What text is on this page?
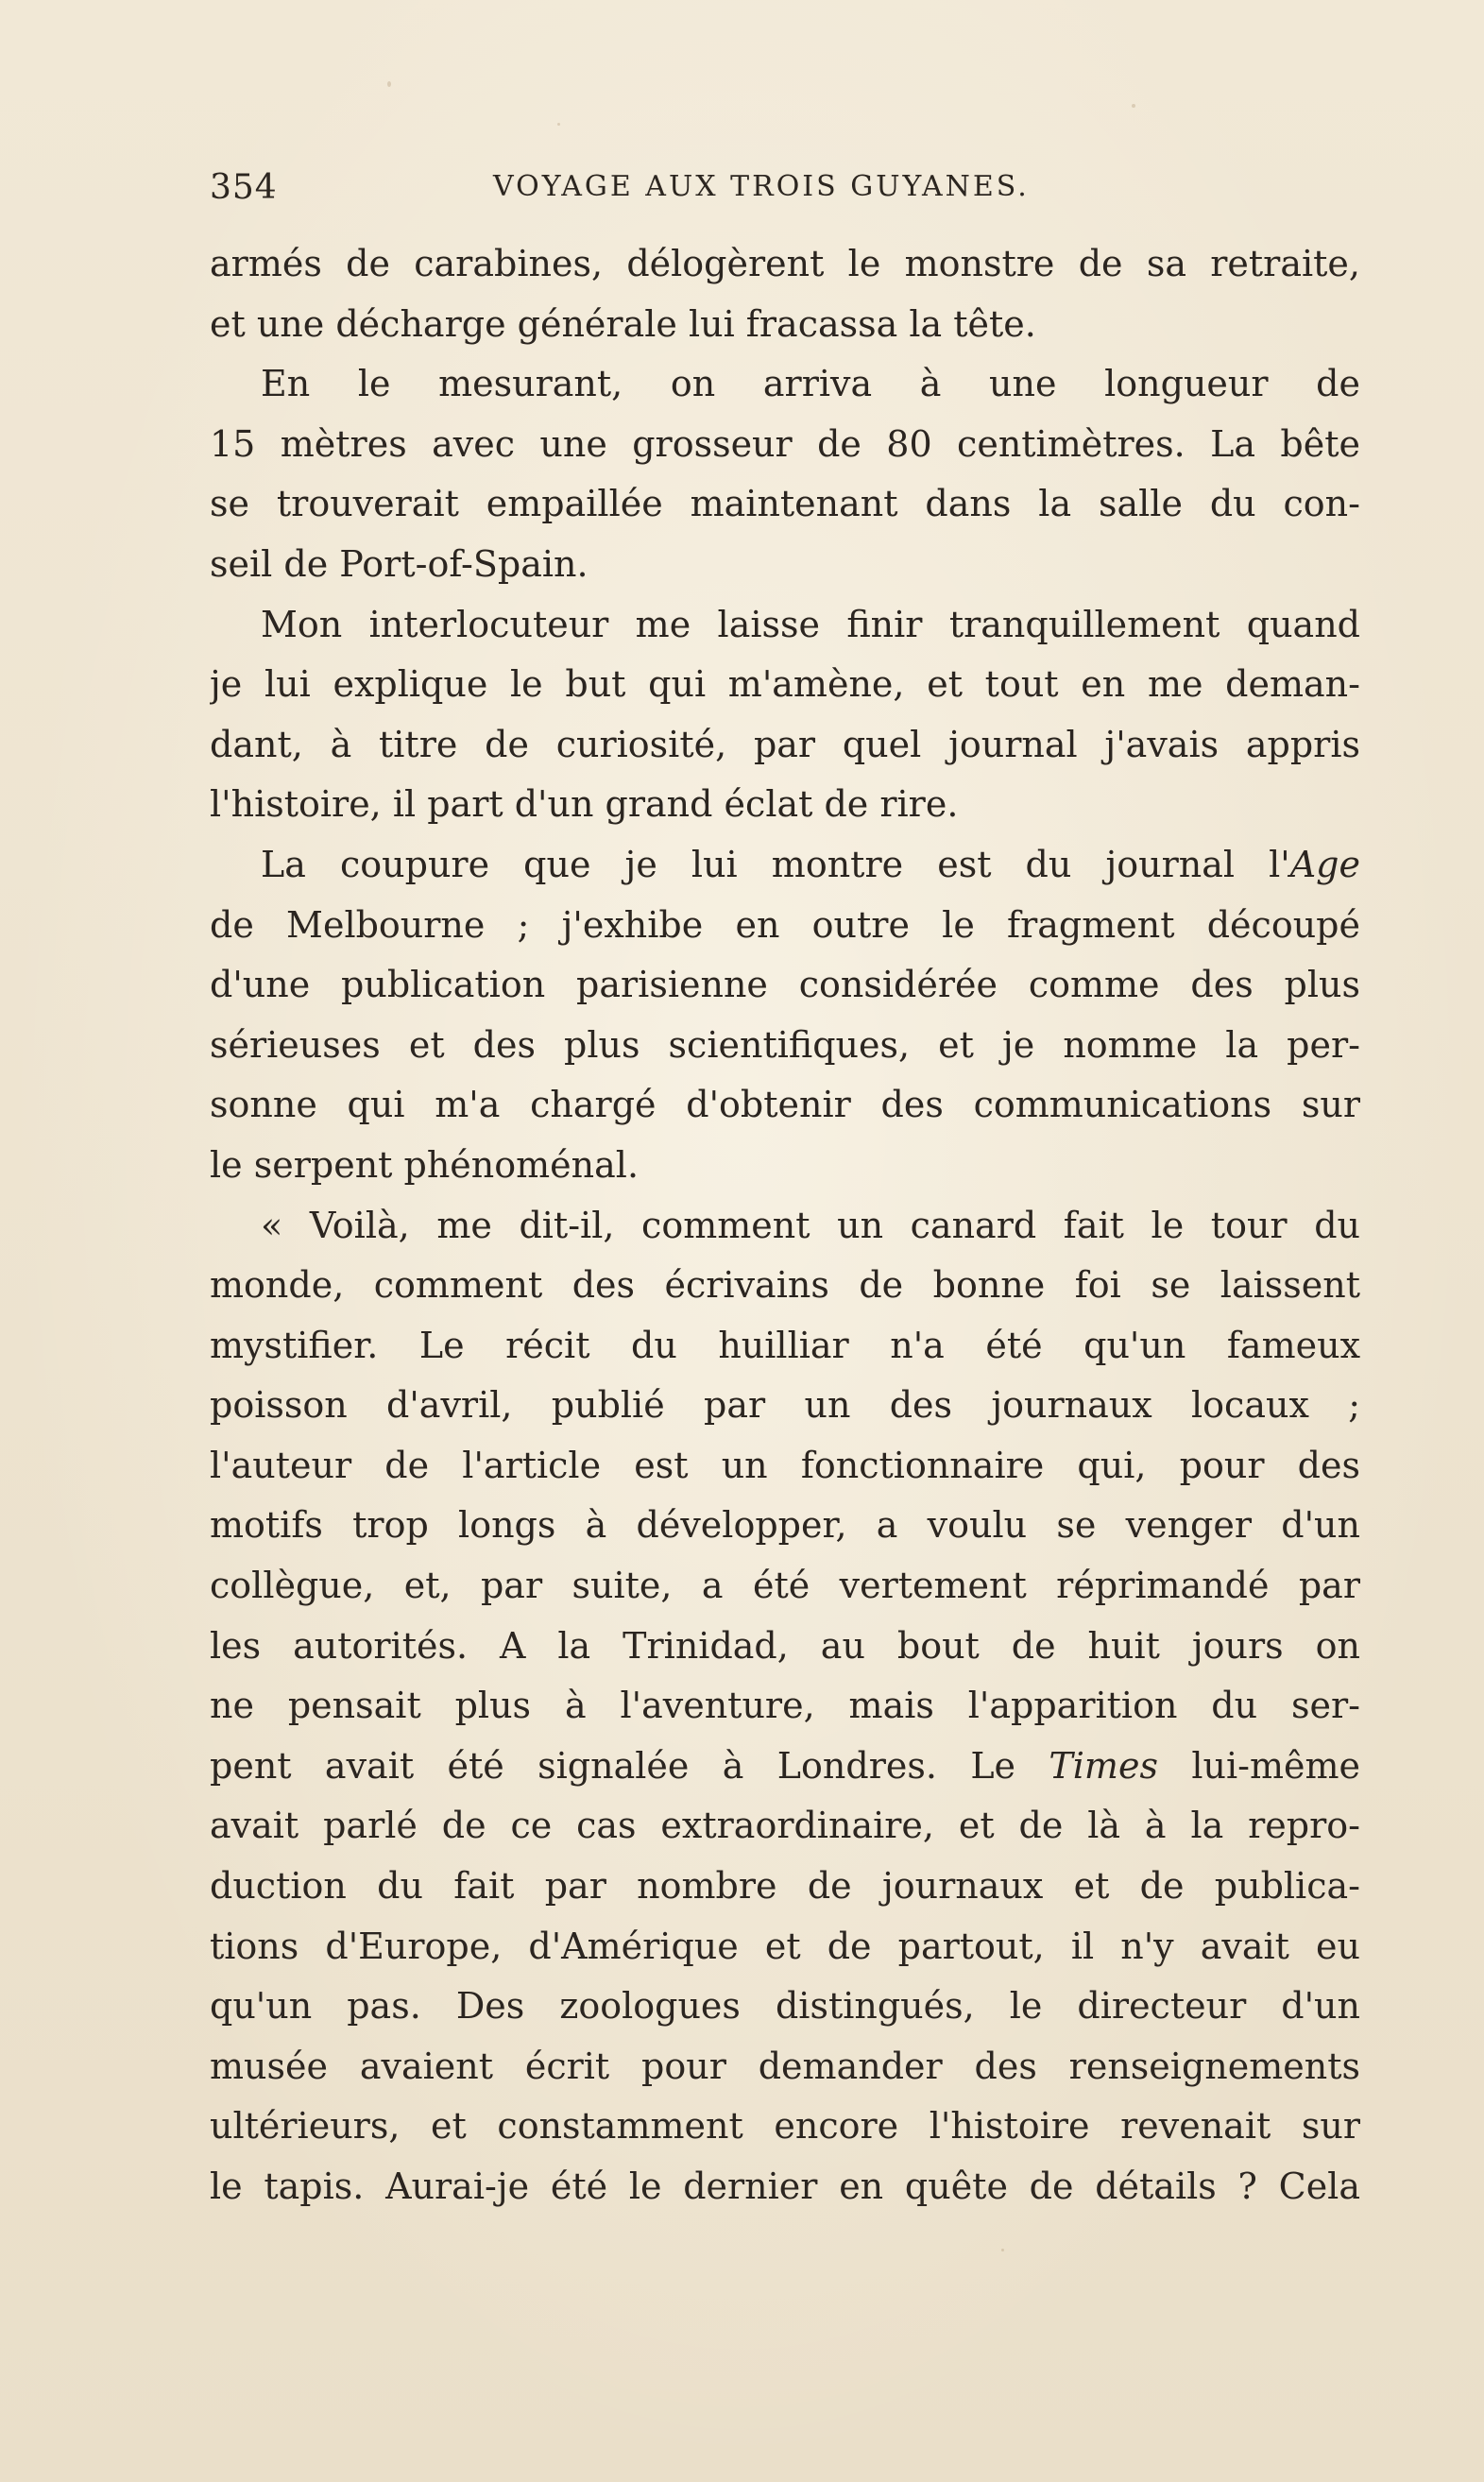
354	VOYAGE AUX TROIS GUYANES.
armés de carabines, délogèrent le monstre de sa retraite,
et une décharge générale lui fracassa la tête.
En le mesurant, on arriva à une longueur de
15 mètres avec une grosseur de 80 centimètres. La bête
se trouverait empaillée maintenant dans la salle du con-
seil de Port-of-Spain.
Mon interlocuteur me laisse finir tranquillement quand
je lui explique le but qui m'amène, et tout en me deman-
dant, à titre de curiosité, par quel journal j'avais appris
l'histoire, il part d'un grand éclat de rire.
La coupure que je lui montre est du journal l'Age
de Melbourne ; j'exhibe en outre le fragment découpé
d'une publication parisienne considérée comme des plus
sérieuses et des plus scientifiques, et je nomme la per-
sonne qui m'a chargé d'obtenir des communications sur
le serpent phénoménal.
« Voilà, me dit-il, comment un canard fait le tour du
monde, comment des écrivains de bonne foi se laissent
mystifier. Le récit du huilliar n'a été qu'un fameux
poisson d'avril, publié par un des journaux locaux ;
l'auteur de l'article est un fonctionnaire qui, pour des
motifs trop longs à développer, a voulu se venger d'un
collègue, et, par suite, a été vertement réprimandé par
les autorités. A la Trinidad, au bout de huit jours on
ne pensait plus à l'aventure, mais l'apparition du ser-
pent avait été signalée à Londres. Le Times lui-même
avait parlé de ce cas extraordinaire, et de là à la repro-
duction du fait par nombre de journaux et de publica-
tions d'Europe, d'Amérique et de partout, il n'y avait eu
qu'un pas. Des zoologues distingués, le directeur d'un
musée avaient écrit pour demander des renseignements
ultérieurs, et constamment encore l'histoire revenait sur
le tapis. Aurai-je été le dernier en quête de détails ? Cela
